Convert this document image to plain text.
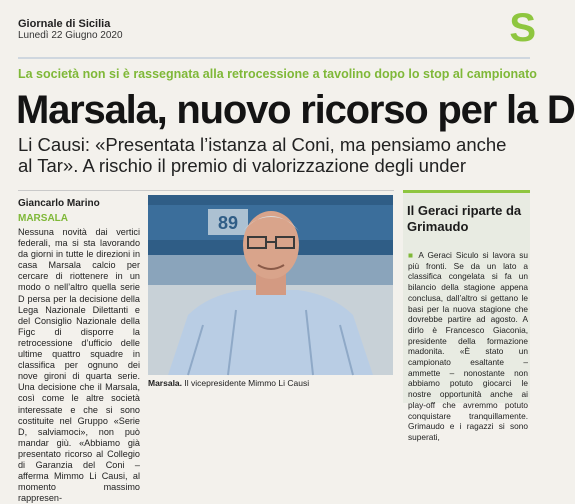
Giornale di Sicilia
Lunedì 22 Giugno 2020	S
La società non si è rassegnata alla retrocessione a tavolino dopo lo stop al campionato
Marsala, nuovo ricorso per la D
Li Causi: «Presentata l’istanza al Coni, ma pensiamo anche al Tar». A rischio il premio di valorizzazione degli under
Giancarlo Marino
MARSALA
Nessuna novità dai vertici federali, ma si sta lavorando da giorni in tutte le direzioni in casa Marsala calcio per cercare di riottenere in un modo o nell’altro quella serie D persa per la decisione della Lega Nazionale Dilettanti e del Consiglio Nazionale della Figc di disporre la retrocessione d’ufficio delle ultime quattro squadre in classifica per ognuno dei nove gironi di quarta serie. Una decisione che il Marsala, così come le altre società interessate e che si sono costituite nel Gruppo «Serie D, salviamoci», non può mandar giù. «Abbiamo già presentato ricorso al Collegio di Garanzia del Coni – afferma Mimmo Li Causi, al momento massimo rappresen-
89
Marsala. Il vicepresidente Mimmo Li Causi
Il Geraci riparte da Grimaudo
■ A Geraci Siculo si lavora su più fronti. Se da un lato a classifica congelata si fa un bilancio della stagione appena conclusa, dall’altro si gettano le basi per la nuova stagione che dovrebbe partire ad agosto. A dirlo è Francesco Giaconia, presidente della formazione madonita. «È stato un campionato esaltante – ammette – nonostante non abbiamo potuto giocarci le nostre opportunità anche ai play-off che avremmo potuto conquistare tranquillamente. Grimaudo e i ragazzi si sono superati,
